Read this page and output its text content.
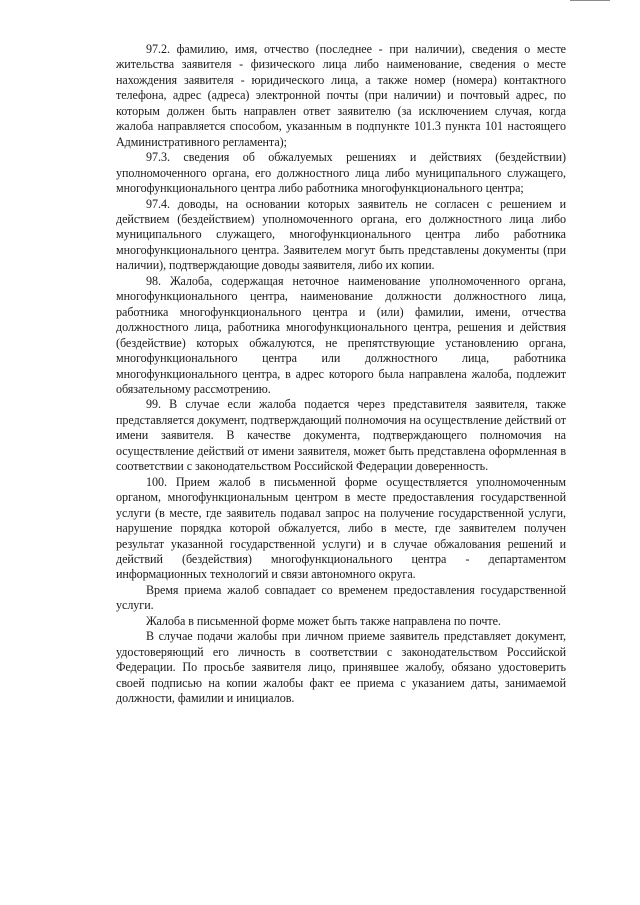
97.2. фамилию, имя, отчество (последнее - при наличии), сведения о месте жительства заявителя - физического лица либо наименование, сведения о месте нахождения заявителя - юридического лица, а также номер (номера) контактного телефона, адрес (адреса) электронной почты (при наличии) и почтовый адрес, по которым должен быть направлен ответ заявителю (за исключением случая, когда жалоба направляется способом, указанным в подпункте 101.3 пункта 101 настоящего Административного регламента);

97.3. сведения об обжалуемых решениях и действиях (бездействии) уполномоченного органа, его должностного лица либо муниципального служащего, многофункционального центра либо работника многофункционального центра;

97.4. доводы, на основании которых заявитель не согласен с решением и действием (бездействием) уполномоченного органа, его должностного лица либо муниципального служащего, многофункционального центра либо работника многофункционального центра. Заявителем могут быть представлены документы (при наличии), подтверждающие доводы заявителя, либо их копии.

98. Жалоба, содержащая неточное наименование уполномоченного органа, многофункционального центра, наименование должности должностного лица, работника многофункционального центра и (или) фамилии, имени, отчества должностного лица, работника многофункционального центра, решения и действия (бездействие) которых обжалуются, не препятствующие установлению органа, многофункционального центра или должностного лица, работника многофункционального центра, в адрес которого была направлена жалоба, подлежит обязательному рассмотрению.

99. В случае если жалоба подается через представителя заявителя, также представляется документ, подтверждающий полномочия на осуществление действий от имени заявителя. В качестве документа, подтверждающего полномочия на осуществление действий от имени заявителя, может быть представлена оформленная в соответствии с законодательством Российской Федерации доверенность.

100. Прием жалоб в письменной форме осуществляется уполномоченным органом, многофункциональным центром в месте предоставления государственной услуги (в месте, где заявитель подавал запрос на получение государственной услуги, нарушение порядка которой обжалуется, либо в месте, где заявителем получен результат указанной государственной услуги) и в случае обжалования решений и действий (бездействия) многофункционального центра - департаментом информационных технологий и связи автономного округа.

Время приема жалоб совпадает со временем предоставления государственной услуги.

Жалоба в письменной форме может быть также направлена по почте.

В случае подачи жалобы при личном приеме заявитель представляет документ, удостоверяющий его личность в соответствии с законодательством Российской Федерации. По просьбе заявителя лицо, принявшее жалобу, обязано удостоверить своей подписью на копии жалобы факт ее приема с указанием даты, занимаемой должности, фамилии и инициалов.
